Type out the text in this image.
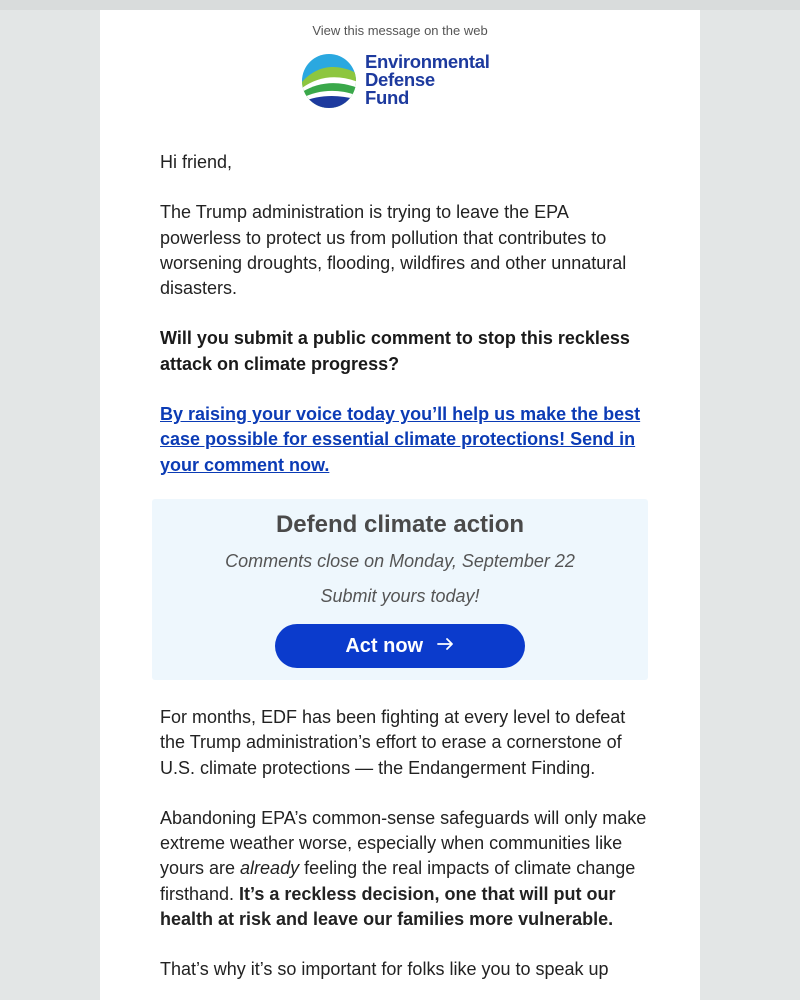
View this message on the web
Environmental
Defense
Fund

Hi friend,

The Trump administration is trying to leave the EPA powerless to protect us from pollution that contributes to worsening droughts, flooding, wildfires and other unnatural disasters.

Will you submit a public comment to stop this reckless attack on climate progress?

By raising your voice today you’ll help us make the best case possible for essential climate protections! Send in your comment now.

Defend climate action
Comments close on Monday, September 22
Submit yours today!
Act now

For months, EDF has been fighting at every level to defeat the Trump administration’s effort to erase a cornerstone of U.S. climate protections — the Endangerment Finding.

Abandoning EPA’s common-sense safeguards will only make extreme weather worse, especially when communities like yours are already feeling the real impacts of climate change firsthand. It’s a reckless decision, one that will put our health at risk and leave our families more vulnerable.

That’s why it’s so important for folks like you to speak up
